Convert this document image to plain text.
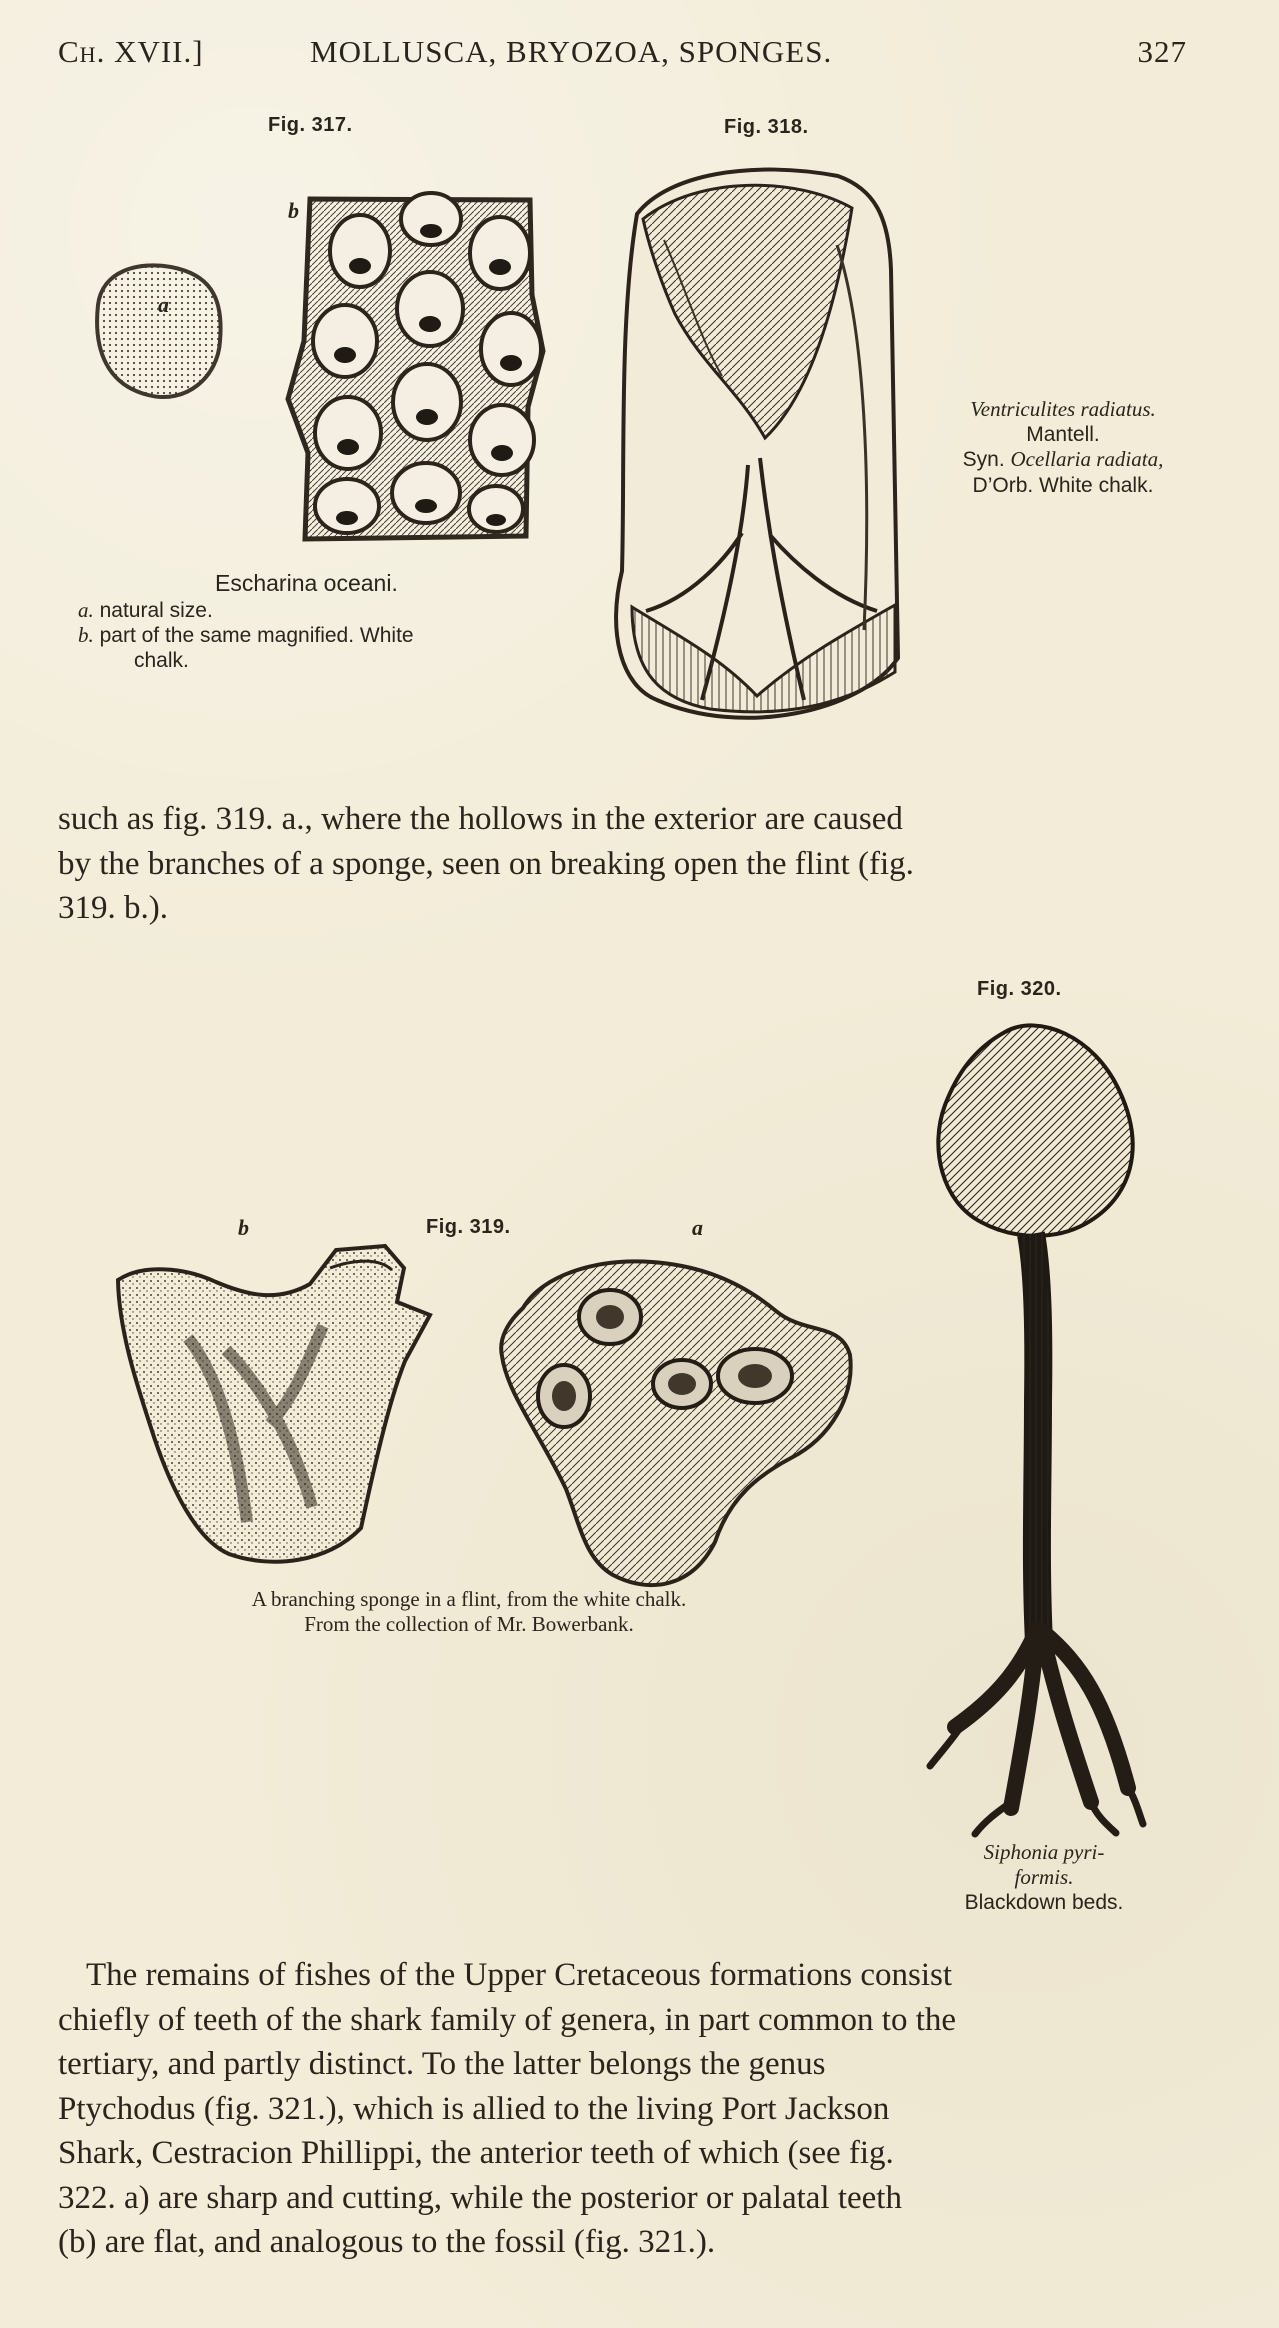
Ch. XVII.]	MOLLUSCA, BRYOZOA, SPONGES.	327
Fig. 317.	Fig. 318.
b
Escharina oceani.
a. natural size.
b. part of the same magnified. White
chalk.
Ventriculites radiatus.
Mantell.
Syn. Ocellaria radiata,
D’Orb. White chalk.
such as fig. 319. a., where the hollows in the exterior are caused
by the branches of a sponge, seen on breaking open the flint (fig.
319. b.).
Fig. 320.
b	Fig. 319.	a
A branching sponge in a flint, from the white chalk.
From the collection of Mr. Bowerbank.
Siphonia pyri-
formis.
Blackdown beds.
The remains of fishes of the Upper Cretaceous formations consist
chiefly of teeth of the shark family of genera, in part common to the
tertiary, and partly distinct. To the latter belongs the genus
Ptychodus (fig. 321.), which is allied to the living Port Jackson
Shark, Cestracion Phillippi, the anterior teeth of which (see fig.
322. a) are sharp and cutting, while the posterior or palatal teeth
(b) are flat, and analogous to the fossil (fig. 321.).
